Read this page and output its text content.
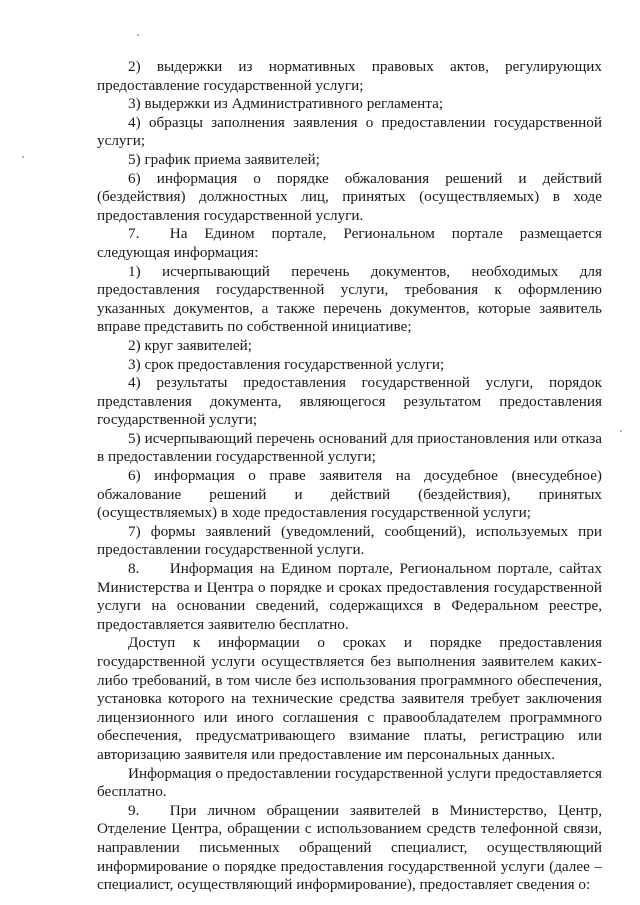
2) выдержки из нормативных правовых актов, регулирующих предоставление государственной услуги;

3) выдержки из Административного регламента;

4) образцы заполнения заявления о предоставлении государственной услуги;

5) график приема заявителей;

6) информация о порядке обжалования решений и действий (бездействия) должностных лиц, принятых (осуществляемых) в ходе предоставления государственной услуги.

7.  На Едином портале, Региональном портале размещается следующая информация:

1) исчерпывающий перечень документов, необходимых для предоставления государственной услуги, требования к оформлению указанных документов, а также перечень документов, которые заявитель вправе представить по собственной инициативе;

2) круг заявителей;

3) срок предоставления государственной услуги;

4) результаты предоставления государственной услуги, порядок представления документа, являющегося результатом предоставления государственной услуги;

5) исчерпывающий перечень оснований для приостановления или отказа в предоставлении государственной услуги;

6) информация о праве заявителя на досудебное (внесудебное) обжалование решений и действий (бездействия), принятых (осуществляемых) в ходе предоставления государственной услуги;

7) формы заявлений (уведомлений, сообщений), используемых при предоставлении государственной услуги.

8.  Информация на Едином портале, Региональном портале, сайтах Министерства и Центра о порядке и сроках предоставления государственной услуги на основании сведений, содержащихся в Федеральном реестре, предоставляется заявителю бесплатно.

Доступ к информации о сроках и порядке предоставления государственной услуги осуществляется без выполнения заявителем каких-либо требований, в том числе без использования программного обеспечения, установка которого на технические средства заявителя требует заключения лицензионного или иного соглашения с правообладателем программного обеспечения, предусматривающего взимание платы, регистрацию или авторизацию заявителя или предоставление им персональных данных.

Информация о предоставлении государственной услуги предоставляется бесплатно.

9.  При личном обращении заявителей в Министерство, Центр, Отделение Центра, обращении с использованием средств телефонной связи, направлении письменных обращений специалист, осуществляющий информирование о порядке предоставления государственной услуги (далее – специалист, осуществляющий информирование), предоставляет сведения о:
